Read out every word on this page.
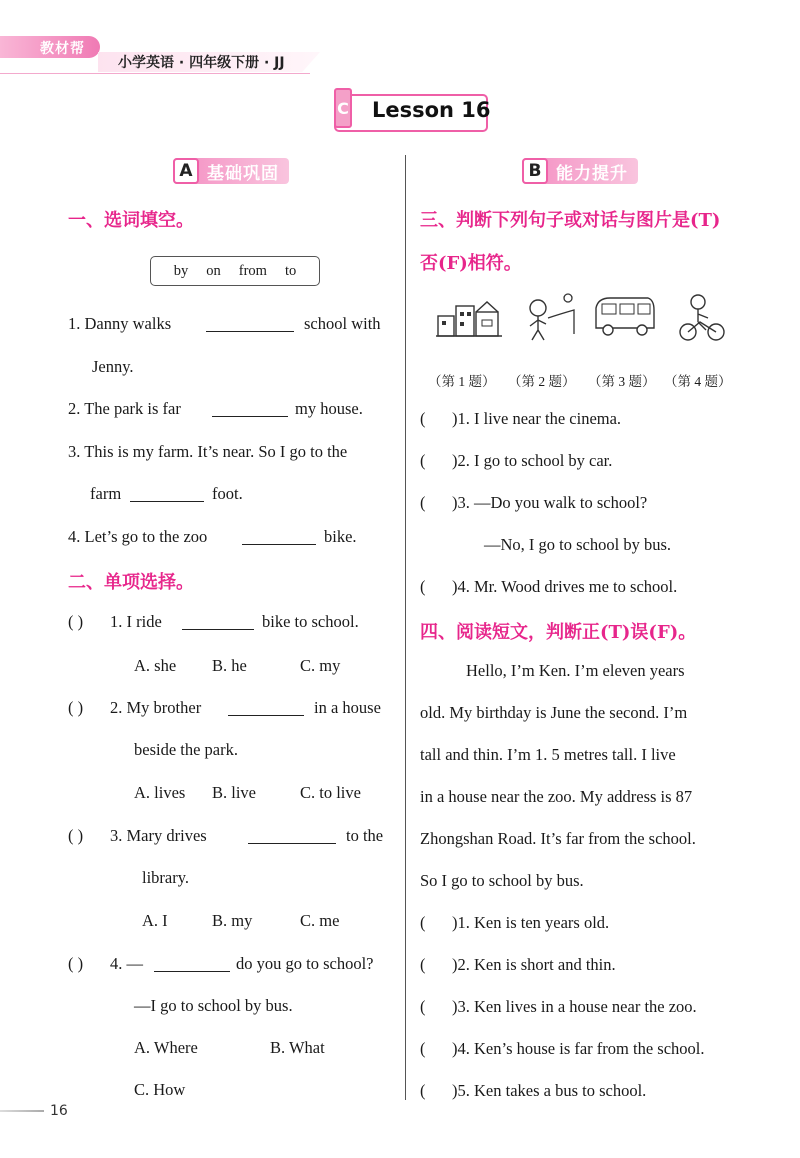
教材帮
小学英语 · 四年级下册 · JJ
C Lesson 16
A 基础巩固
一、选词填空。
by on from to
1. Danny walks	school with
Jenny.
2. The park is far	my house.
3. This is my farm. It’s near. So I go to the
farm	foot.
4. Let’s go to the zoo	bike.
二、单项选择。
( ) 1. I ride	bike to school.
A. she B. he	C. my
( ) 2. My brother	in a house
beside the park.
A. lives B. live	C. to live
( ) 3. Mary drives	to the
library.
A. I	B. my	C. me
( ) 4. —	do you go to school?
—I go to school by bus.
A. Where	B. What
C. How
B 能力提升
三、判断下列句子或对话与图片是(T)
否(F)相符。
（第 1 题） （第 2 题） （第 3 题） （第 4 题）
( )1. I live near the cinema.
( )2. I go to school by car.
( )3. —Do you walk to school?
—No, I go to school by bus.
( )4. Mr. Wood drives me to school.
四、阅读短文，判断正(T)误(F)。
Hello, I’m Ken. I’m eleven years
old. My birthday is June the second. I’m
tall and thin. I’m 1. 5 metres tall. I live
in a house near the zoo. My address is 87
Zhongshan Road. It’s far from the school.
So I go to school by bus.
( )1. Ken is ten years old.
( )2. Ken is short and thin.
( )3. Ken lives in a house near the zoo.
( )4. Ken’s house is far from the school.
( )5. Ken takes a bus to school.
16
